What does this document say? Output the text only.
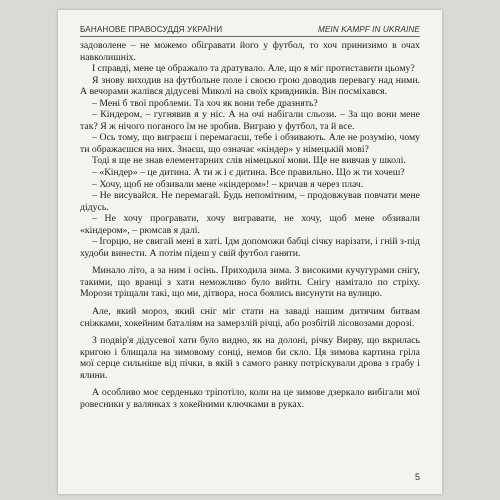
БАНАНОВЕ ПРАВОСУДДЯ УКРАЇНИ	MEIN KAMPF IN UKRAINE

задоволене – не можемо обігравати його у футбол, то хоч принизимо в очах навколишніх.

І справді, мене це ображало та дратувало. Але, що я міг протиставити цьому?

Я знову виходив на футбольне поле і своєю грою доводив перевагу над ними. А вечорами жалівся дідусеві Миколі на своїх кривдників. Він посміхався.

– Мені б твої проблеми. Та хоч як вони тебе дразнять?

– Кіндером, – гугнявив я у ніс. А на очі набігали сльози. – За що вони мене так? Я ж нічого поганого їм не зробив. Виграю у футбол, та й все.

– Ось тому, що виграєш і перемагаєш, тебе і обзивають. Але не розумію, чому ти ображаєшся на них. Знаєш, що означає «кіндер» у німецькій мові?

Тоді я ще не знав елементарних слів німецької мови. Ще не вивчав у школі.

– «Кіндер» – це дитина. А ти ж і є дитина. Все правильно. Що ж ти хочеш?

– Хочу, щоб не обзивали мене «кіндером»! – кричав я через плач.

– Не висувайся. Не перемагай. Будь непомітним, – продовжував повчати мене дідусь.

– Не хочу програвати, хочу вигравати, не хочу, щоб мене обзивали «кіндером», – рюмсав я далі.

– Ігорцю, не свигай мені в хаті. Ідм допоможи бабці січку нарізати, і гній з-під худоби винести. А потім підеш у свій футбол ганяти.

Минало літо, а за ним і осінь. Приходила зима. З високими кучугурами снігу, такими, що вранці з хати неможливо було вийти. Снігу намітало по стріху. Морози тріщали такі, що ми, дітвора, носа боялись висунути на вулицю.

Але, який мороз, який сніг міг стати на заваді нашим дитячим битвам сніжками, хокейним баталіям на замерзлій річці, або розбітій лісовозами дорозі.

З подвір'я дідусевої хати було видно, як на долоні, річку Вирву, що вкрилась кригою і блищала на зимовому сонці, немов би скло. Ця зимова картина гріла мої серце сильніше від пічки, в якій з самого ранку потріскували дрова з грабу і ялини.

А особливо моє серденько тріпотіло, коли на це зимове дзеркало вибігали мої ровесники у валянках з хокейними ключками в руках.

5
